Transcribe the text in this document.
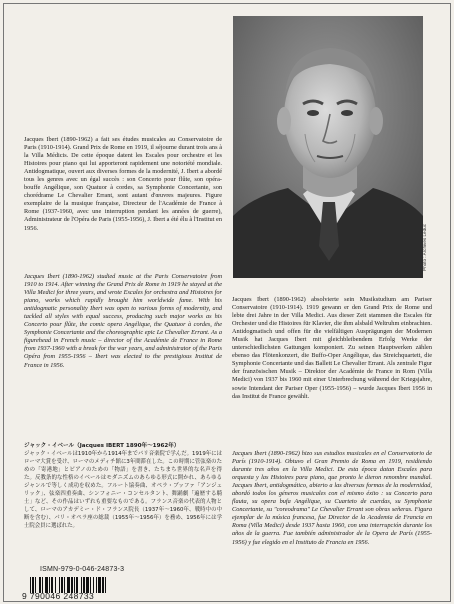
Jacques Ibert (1890-1962) a fait ses études musicales au Conservatoire de Paris (1910-1914). Grand Prix de Rome en 1919, il séjourne durant trois ans à la Villa Médicis. De cette époque datent les Escales pour orchestre et les Histoires pour piano qui lui apporteront rapidement une notoriété mondiale. Antidogmatique, ouvert aux diverses formes de la modernité, J. Ibert a abordé tous les genres avec un égal succès : son Concerto pour flûte, son opéra-bouffe Angélique, son Quatuor à cordes, sa Symphonie Concertante, son chorédrame Le Chevalier Errant, sont autant d'œuvres majeures. Figure exemplaire de la musique française, Directeur de l'Académie de France à Rome (1937-1960, avec une interruption pendant les années de guerre), Administrateur de l'Opéra de Paris (1955-1956), J. Ibert a été élu à l'Institut en 1956.

Jacques Ibert (1890-1962) studied music at the Paris Conservatoire from 1910 to 1914. After winning the Grand Prix de Rome in 1919 he stayed at the Villa Medici for three years, and wrote Escales for orchestra and Histoires for piano, works which rapidly brought him worldwide fame. With his antidogmatic personality Ibert was open to various forms of modernity, and tackled all styles with equal success, producing such major works as his Concerto pour flûte, the comic opera Angélique, the Quatuor à cordes, the Symphonie Concertante and the choreographic epic Le Chevalier Errant. As a figurehead in French music – director of the Académie de France in Rome from 1937-1960 with a break for the war years, and administrator of the Paris Opéra from 1955-1956 – Ibert was elected to the prestigious Institut de France in 1956.

ジャック・イベール（Jacques IBERT 1890年〜1962年）

ジャック・イベールは1910年から1914年までパリ音楽院で学んだ。1919年にはローマ大賞を受け、ローマのメディチ館に3年間滞在した。この時期に管弦楽のための「寄港地」とピアノのための「物語」を書き、たちまち世界的な名声を得た。反教条的な性格のイベールはモダニズムのあらゆる形式に開かれ、あらゆるジャンルで等しく成功を収めた。フルート協奏曲、オペラ・ブッファ「アンジェリック」、弦楽四重奏曲、シンフォニー・コンセルタント、舞踊劇「遍歴する騎士」など、その作品はいずれも重要なものである。フランス音楽の代表的人物として、ローマのアカデミー・ド・フランス院長（1937年〜1960年、戦時中の中断を含む）、パリ・オペラ座の総裁（1955年〜1956年）を務め、1956年には学士院会員に選ばれた。

Photo : Archives Leduc

Jacques Ibert (1890-1962) absolvierte sein Musikstudium am Pariser Conservatoire (1910-1914). 1919 gewann er den Grand Prix de Rome und lebte drei Jahre in der Villa Medici. Aus dieser Zeit stammen die Escales für Orchester und die Histoires für Klavier, die ihm alsbald Weltruhm einbrachten. Antidogmatisch und offen für die vielfältigen Ausprägungen der Modernen Musik hat Jacques Ibert mit gleichbleibendem Erfolg Werke der unterschiedlichsten Gattungen komponiert. Zu seinen Hauptwerken zählen ebenso das Flötenkonzert, die Buffo-Oper Angélique, das Streichquartett, die Symphonie Concertante und das Ballett Le Chevalier Errant. Als zentrale Figur der französischen Musik – Direktor der Académie de France in Rom (Villa Medici) von 1937 bis 1960 mit einer Unterbrechung während der Kriegsjahre, sowie Intendant der Pariser Oper (1955-1956) – wurde Jacques Ibert 1956 in das Institut de France gewählt.

Jacques Ibert (1890-1962) hizo sus estudios musicales en el Conservatorio de París (1910-1914). Obtuvo el Gran Premio de Roma en 1919, residiendo durante tres años en la Villa Medici. De esta época datan Escales para orquesta y las Histoires para piano, que pronto le dieron renombre mundial. Jacques Ibert, antidogmático, abierto a las diversas formas de la modernidad, abordó todos los géneros musicales con el mismo éxito : su Concerto para flauta, su opera bufa Angélique, su Cuarteto de cuerdas, su Symphonie Concertante, su "coreodrama" Le Chevalier Errant son obras señeras. Figura ejemplar de la música francesa, fue Director de la Academia de Francia en Roma (Villa Medici) desde 1937 hasta 1960, con una interrupción durante los años de la guerra. Fue también administrador de la Opera de París (1955-1956) y fue elegido en el Instituto de Francia en 1956.

ISMN-979-0-046-24873-3
9 790046 248733
